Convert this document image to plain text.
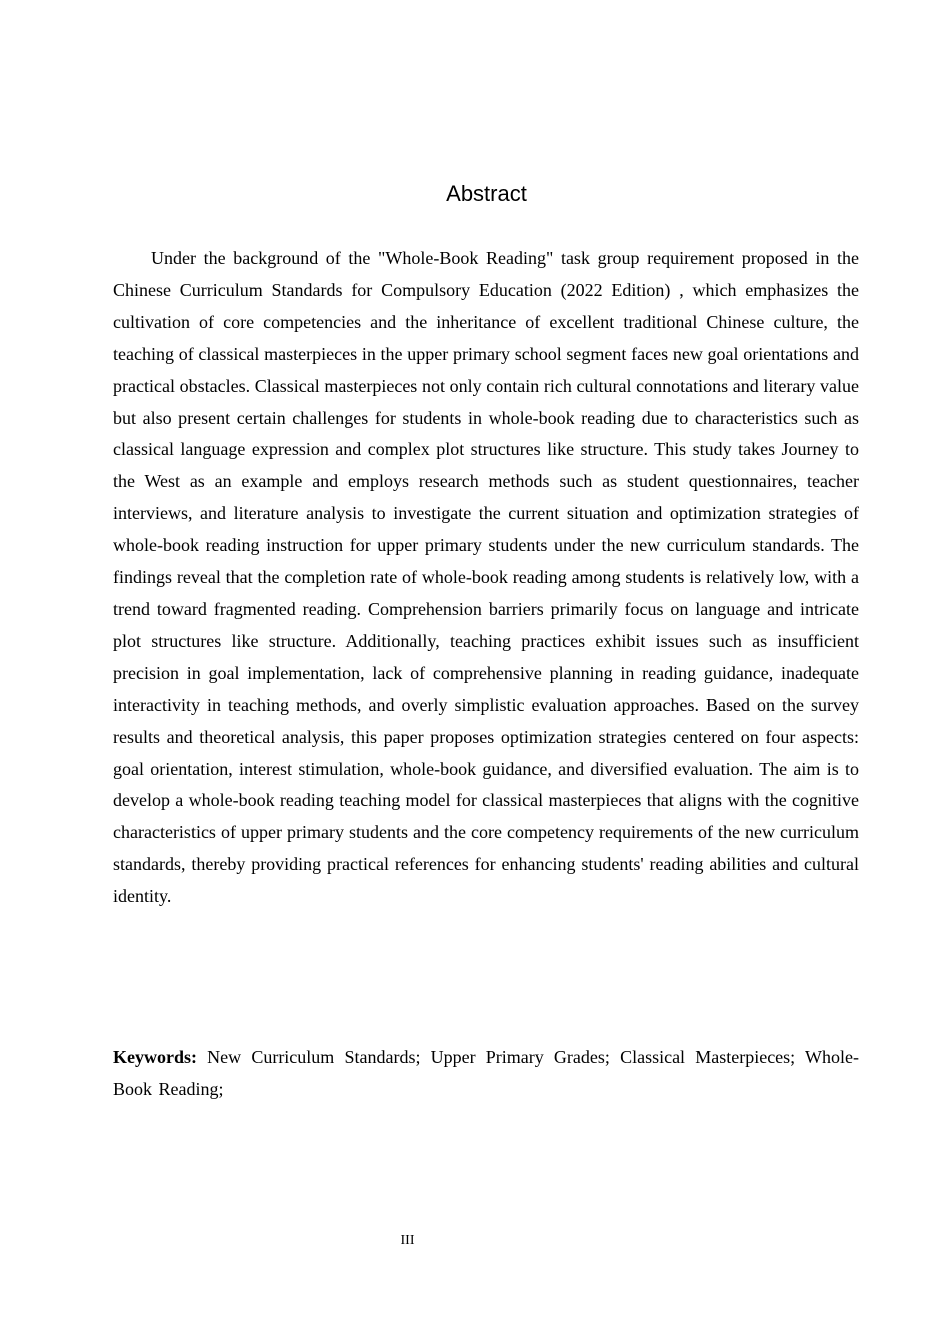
Abstract

Under the background of the "Whole-Book Reading" task group requirement proposed in the Chinese Curriculum Standards for Compulsory Education (2022 Edition) , which emphasizes the cultivation of core competencies and the inheritance of excellent traditional Chinese culture, the teaching of classical masterpieces in the upper primary school segment faces new goal orientations and practical obstacles. Classical masterpieces not only contain rich cultural connotations and literary value but also present certain challenges for students in whole-book reading due to characteristics such as classical language expression and complex plot structures like structure. This study takes Journey to the West as an example and employs research methods such as student questionnaires, teacher interviews, and literature analysis to investigate the current situation and optimization strategies of whole-book reading instruction for upper primary students under the new curriculum standards. The findings reveal that the completion rate of whole-book reading among students is relatively low, with a trend toward fragmented reading. Comprehension barriers primarily focus on language and intricate plot structures like structure. Additionally, teaching practices exhibit issues such as insufficient precision in goal implementation, lack of comprehensive planning in reading guidance, inadequate interactivity in teaching methods, and overly simplistic evaluation approaches. Based on the survey results and theoretical analysis, this paper proposes optimization strategies centered on four aspects: goal orientation, interest stimulation, whole-book guidance, and diversified evaluation. The aim is to develop a whole-book reading teaching model for classical masterpieces that aligns with the cognitive characteristics of upper primary students and the core competency requirements of the new curriculum standards, thereby providing practical references for enhancing students' reading abilities and cultural identity.

Keywords: New Curriculum Standards; Upper Primary Grades; Classical Masterpieces; Whole-Book Reading;

III
